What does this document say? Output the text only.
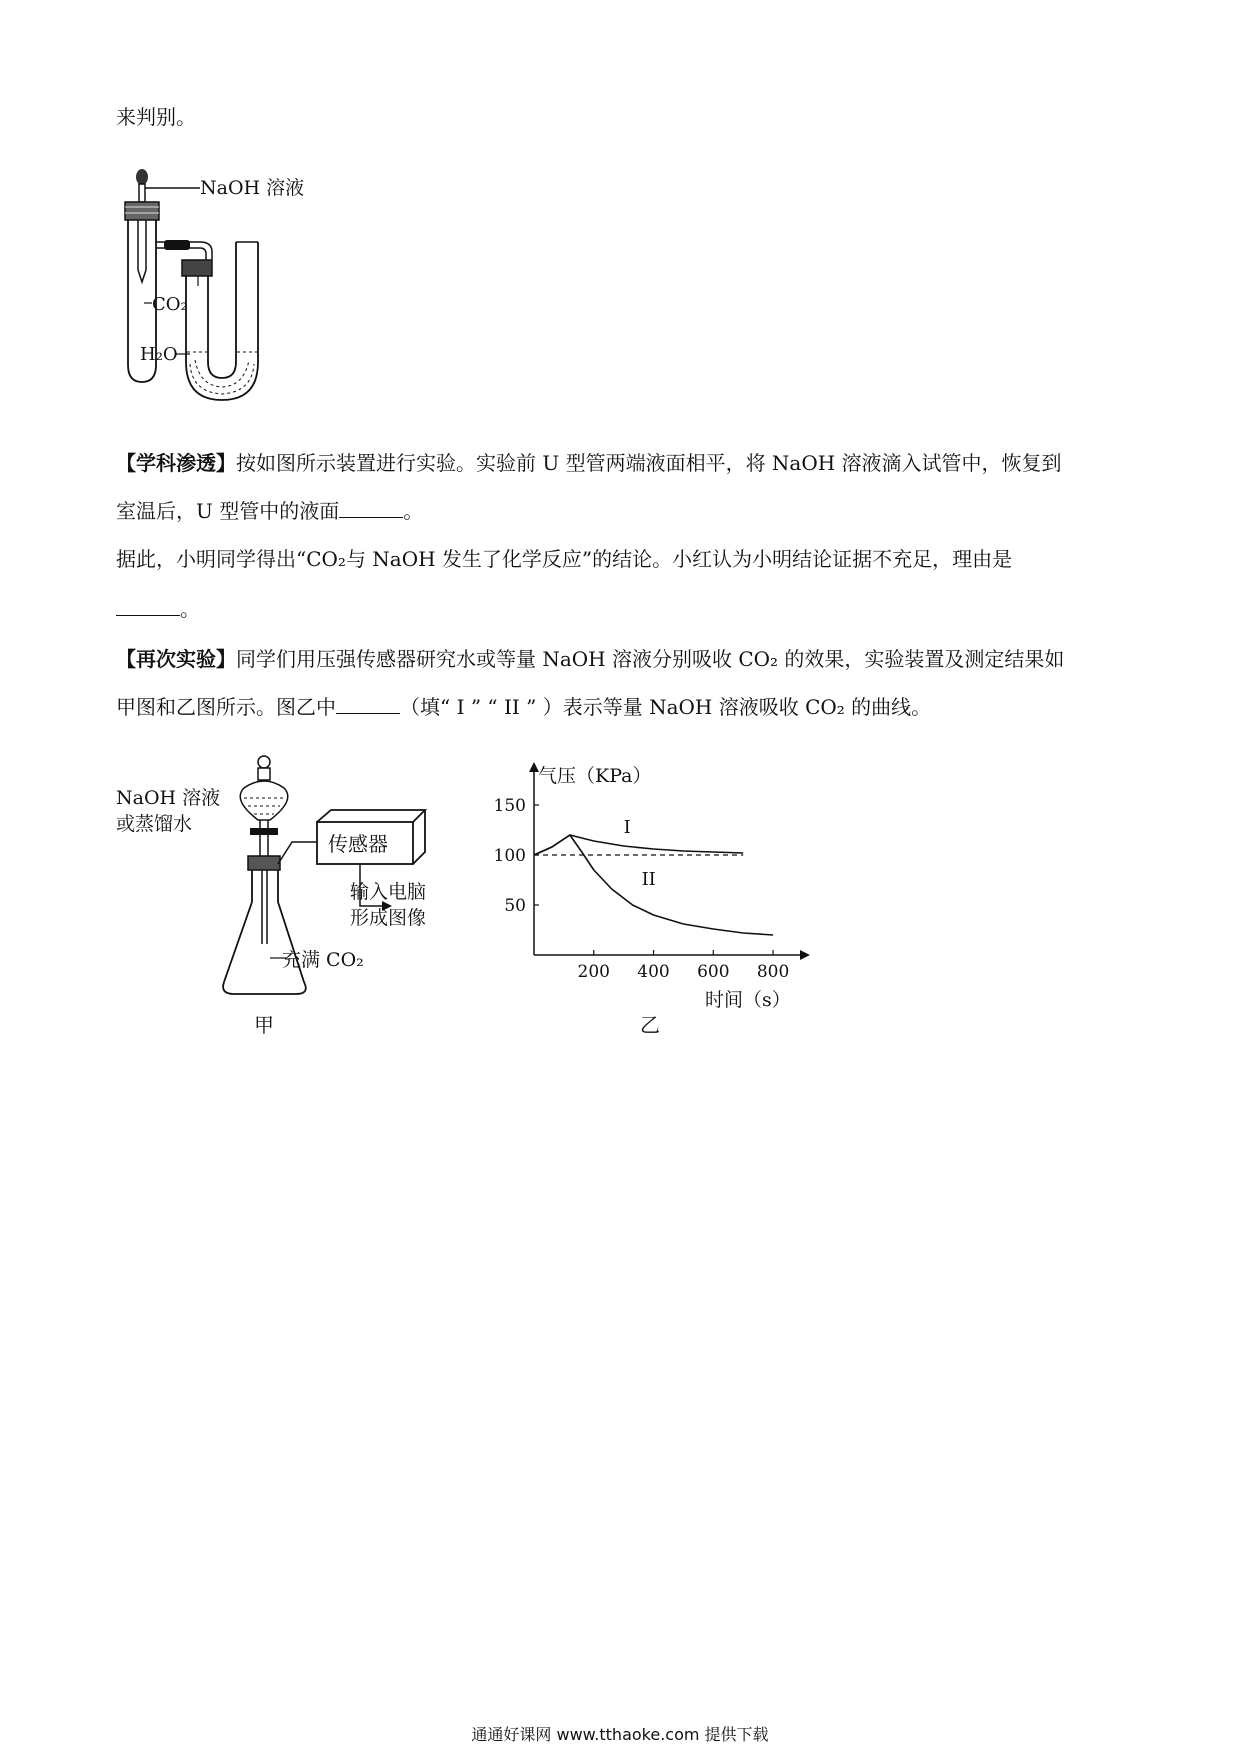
来判别。

CO₂
H₂O
NaOH 溶液

【学科渗透】按如图所示装置进行实验。实验前 U 型管两端液面相平，将 NaOH 溶液滴入试管中，恢复到

室温后，U 型管中的液面	。

据此，小明同学得出“CO₂与 NaOH 发生了化学反应”的结论。小红认为小明结论证据不充足，理由是

。

【再次实验】同学们用压强传感器研究水或等量 NaOH 溶液分别吸收 CO₂ 的效果，实验装置及测定结果如

甲图和乙图所示。图乙中	（填“ I ” “ II ” ）表示等量 NaOH 溶液吸收 CO₂ 的曲线。

传感器
输入电脑
形成图像
NaOH 溶液
或蒸馏水
充满 CO₂
甲
气压（KPa）
时间（s）
乙
200 400 600 800
50
100
150
I
II
通通好课网 www.tthaoke.com 提供下载
